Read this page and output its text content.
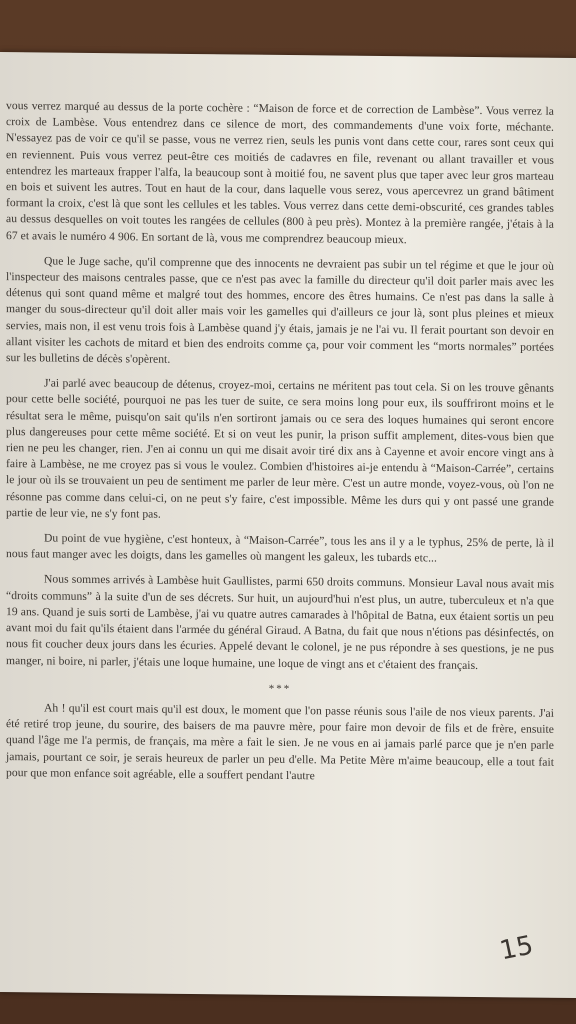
vous verrez marqué au dessus de la porte cochère : “Maison de force et de correction de Lambèse”. Vous verrez la croix de Lambèse. Vous entendrez dans ce silence de mort, des commandements d'une voix forte, méchante. N'essayez pas de voir ce qu'il se passe, vous ne verrez rien, seuls les punis vont dans cette cour, rares sont ceux qui en reviennent. Puis vous verrez peut-être ces moitiés de cadavres en file, revenant ou allant travailler et vous entendrez les marteaux frapper l'alfa, la beaucoup sont à moitié fou, ne savent plus que taper avec leur gros marteau en bois et suivent les autres. Tout en haut de la cour, dans laquelle vous serez, vous apercevrez un grand bâtiment formant la croix, c'est là que sont les cellules et les tables. Vous verrez dans cette demi-obscurité, ces grandes tables au dessus desquelles on voit toutes les rangées de cellules (800 à peu près). Montez à la première rangée, j'étais à la 67 et avais le numéro 4 906. En sortant de là, vous me comprendrez beaucoup mieux.

Que le Juge sache, qu'il comprenne que des innocents ne devraient pas subir un tel régime et que le jour où l'inspecteur des maisons centrales passe, que ce n'est pas avec la famille du directeur qu'il doit parler mais avec les détenus qui sont quand même et malgré tout des hommes, encore des êtres humains. Ce n'est pas dans la salle à manger du sous-directeur qu'il doit aller mais voir les gamelles qui d'ailleurs ce jour là, sont plus pleines et mieux servies, mais non, il est venu trois fois à Lambèse quand j'y étais, jamais je ne l'ai vu. Il ferait pourtant son devoir en allant visiter les cachots de mitard et bien des endroits comme ça, pour voir comment les “morts normales” portées sur les bulletins de décès s'opèrent.

J'ai parlé avec beaucoup de détenus, croyez-moi, certains ne méritent pas tout cela. Si on les trouve gênants pour cette belle société, pourquoi ne pas les tuer de suite, ce sera moins long pour eux, ils souffriront moins et le résultat sera le même, puisqu'on sait qu'ils n'en sortiront jamais ou ce sera des loques humaines qui seront encore plus dangereuses pour cette même société. Et si on veut les punir, la prison suffit amplement, dites-vous bien que rien ne peu les changer, rien. J'en ai connu un qui me disait avoir tiré dix ans à Cayenne et avoir encore vingt ans à faire à Lambèse, ne me croyez pas si vous le voulez. Combien d'histoires ai-je entendu à “Maison-Carrée”, certains le jour où ils se trouvaient un peu de sentiment me parler de leur mère. C'est un autre monde, voyez-vous, où l'on ne résonne pas comme dans celui-ci, on ne peut s'y faire, c'est impossible. Même les durs qui y ont passé une grande partie de leur vie, ne s'y font pas.

Du point de vue hygiène, c'est honteux, à “Maison-Carrée”, tous les ans il y a le typhus, 25% de perte, là il nous faut manger avec les doigts, dans les gamelles où mangent les galeux, les tubards etc...

Nous sommes arrivés à Lambèse huit Gaullistes, parmi 650 droits communs. Monsieur Laval nous avait mis “droits communs” à la suite d'un de ses décrets. Sur huit, un aujourd'hui n'est plus, un autre, tuberculeux et n'a que 19 ans. Quand je suis sorti de Lambèse, j'ai vu quatre autres camarades à l'hôpital de Batna, eux étaient sortis un peu avant moi du fait qu'ils étaient dans l'armée du général Giraud. A Batna, du fait que nous n'étions pas désinfectés, on nous fit coucher deux jours dans les écuries. Appelé devant le colonel, je ne pus répondre à ses questions, je ne pus manger, ni boire, ni parler, j'étais une loque humaine, une loque de vingt ans et c'étaient des français.

***

Ah ! qu'il est court mais qu'il est doux, le moment que l'on passe réunis sous l'aile de nos vieux parents. J'ai été retiré trop jeune, du sourire, des baisers de ma pauvre mère, pour faire mon devoir de fils et de frère, ensuite quand l'âge me l'a permis, de français, ma mère a fait le sien. Je ne vous en ai jamais parlé parce que je n'en parle jamais, pourtant ce soir, je serais heureux de parler un peu d'elle. Ma Petite Mère m'aime beaucoup, elle a tout fait pour que mon enfance soit agréable, elle a souffert pendant l'autre

15
